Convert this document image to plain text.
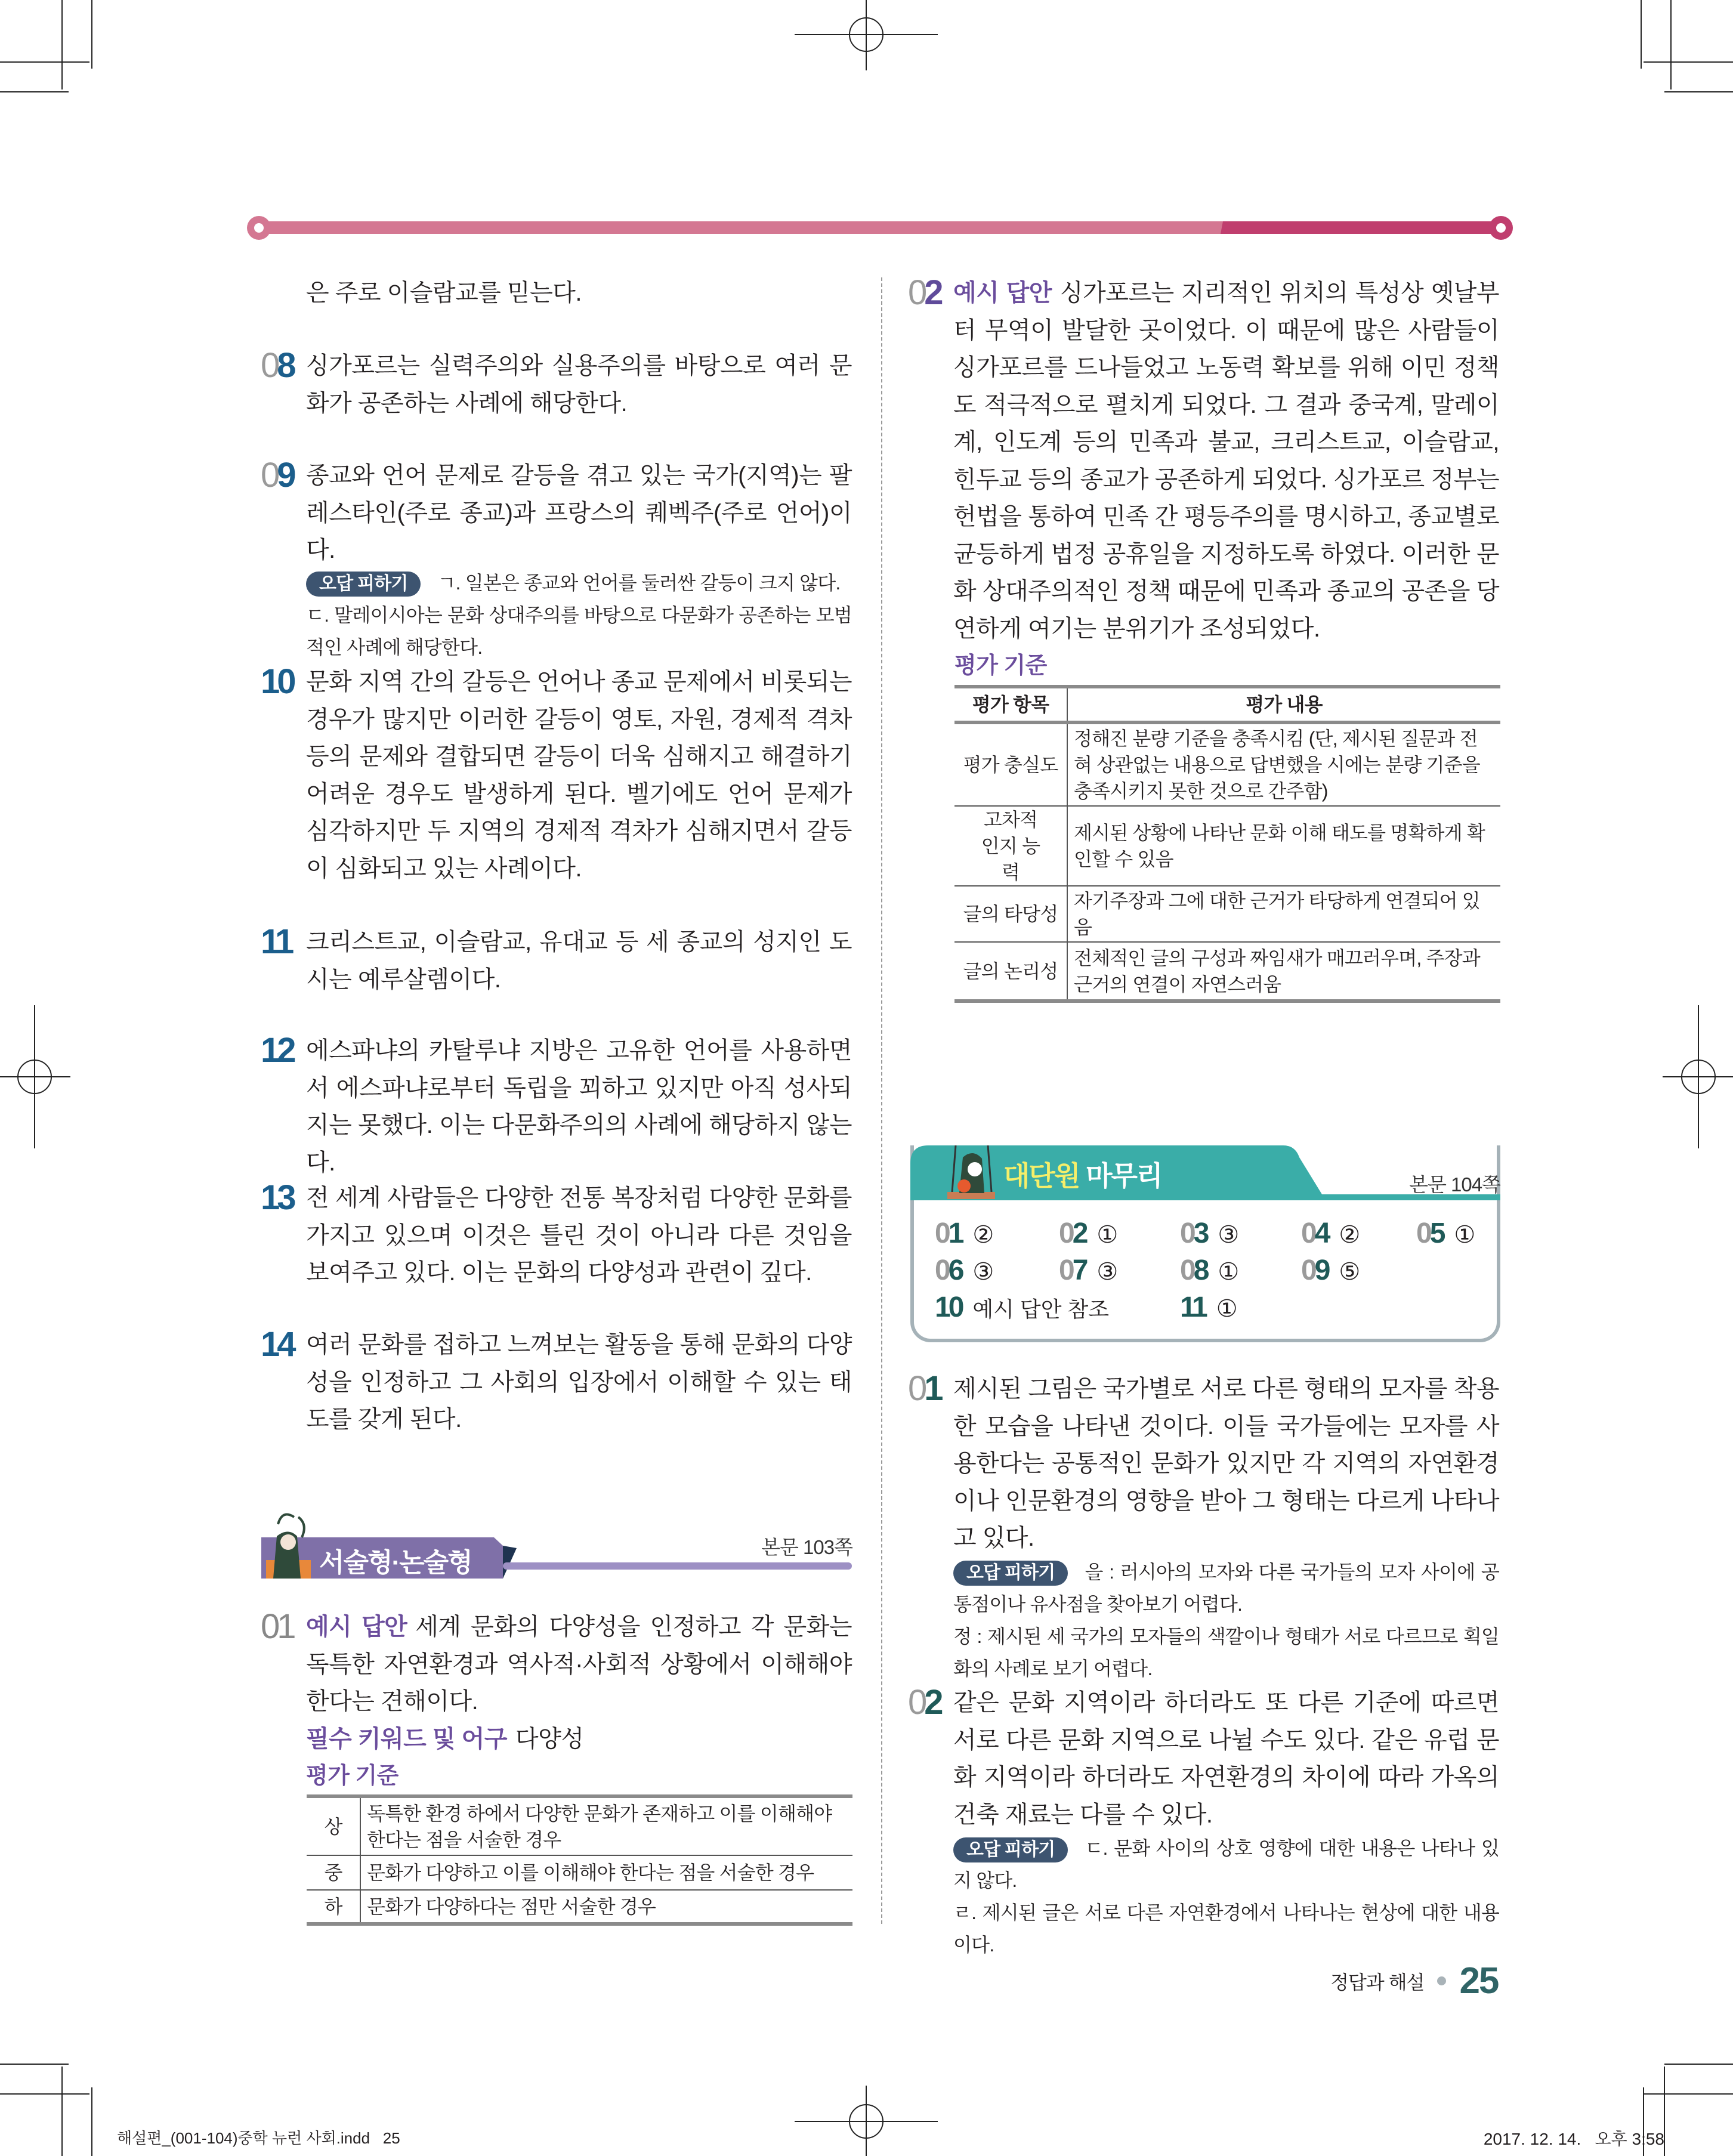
은 주로 이슬람교를 믿는다.
08 싱가포르는 실력주의와 실용주의를 바탕으로 여러 문화가 공존하는 사례에 해당한다.
09 종교와 언어 문제로 갈등을 겪고 있는 국가(지역)는 팔레스타인(주로 종교)과 프랑스의 퀘벡주(주로 언어)이다.
오답 피하기 ㄱ. 일본은 종교와 언어를 둘러싼 갈등이 크지 않다.
ㄷ. 말레이시아는 문화 상대주의를 바탕으로 다문화가 공존하는 모범적인 사례에 해당한다.
10 문화 지역 간의 갈등은 언어나 종교 문제에서 비롯되는 경우가 많지만 이러한 갈등이 영토, 자원, 경제적 격차 등의 문제와 결합되면 갈등이 더욱 심해지고 해결하기 어려운 경우도 발생하게 된다. 벨기에도 언어 문제가 심각하지만 두 지역의 경제적 격차가 심해지면서 갈등이 심화되고 있는 사례이다.
11 크리스트교, 이슬람교, 유대교 등 세 종교의 성지인 도시는 예루살렘이다.
12 에스파냐의 카탈루냐 지방은 고유한 언어를 사용하면서 에스파냐로부터 독립을 꾀하고 있지만 아직 성사되지는 못했다. 이는 다문화주의의 사례에 해당하지 않는다.
13 전 세계 사람들은 다양한 전통 복장처럼 다양한 문화를 가지고 있으며 이것은 틀린 것이 아니라 다른 것임을 보여주고 있다. 이는 문화의 다양성과 관련이 깊다.
14 여러 문화를 접하고 느껴보는 활동을 통해 문화의 다양성을 인정하고 그 사회의 입장에서 이해할 수 있는 태도를 갖게 된다.
서술형·논술형
본문 103쪽
01 예시 답안 세계 문화의 다양성을 인정하고 각 문화는 독특한 자연환경과 역사적·사회적 상황에서 이해해야 한다는 견해이다.
필수 키워드 및 어구 다양성
평가 기준
상	독특한 환경 하에서 다양한 문화가 존재하고 이를 이해해야 한다는 점을 서술한 경우
중	문화가 다양하고 이를 이해해야 한다는 점을 서술한 경우
하	문화가 다양하다는 점만 서술한 경우
02 예시 답안 싱가포르는 지리적인 위치의 특성상 옛날부터 무역이 발달한 곳이었다. 이 때문에 많은 사람들이 싱가포르를 드나들었고 노동력 확보를 위해 이민 정책도 적극적으로 펼치게 되었다. 그 결과 중국계, 말레이계, 인도계 등의 민족과 불교, 크리스트교, 이슬람교, 힌두교 등의 종교가 공존하게 되었다. 싱가포르 정부는 헌법을 통하여 민족 간 평등주의를 명시하고, 종교별로 균등하게 법정 공휴일을 지정하도록 하였다. 이러한 문화 상대주의적인 정책 때문에 민족과 종교의 공존을 당연하게 여기는 분위기가 조성되었다.
평가 기준
평가 항목	평가 내용
평가 충실도	정해진 분량 기준을 충족시킴 (단, 제시된 질문과 전혀 상관없는 내용으로 답변했을 시에는 분량 기준을 충족시키지 못한 것으로 간주함)
고차적 인지 능력	제시된 상황에 나타난 문화 이해 태도를 명확하게 확인할 수 있음
글의 타당성	자기주장과 그에 대한 근거가 타당하게 연결되어 있음
글의 논리성	전체적인 글의 구성과 짜임새가 매끄러우며, 주장과 근거의 연결이 자연스러움
대단원 마무리	본문 104쪽
01 ② 02 ① 03 ③ 04 ② 05 ①
06 ③ 07 ③ 08 ① 09 ⑤
10 예시 답안 참조 11 ①
01 제시된 그림은 국가별로 서로 다른 형태의 모자를 착용한 모습을 나타낸 것이다. 이들 국가들에는 모자를 사용한다는 공통적인 문화가 있지만 각 지역의 자연환경이나 인문환경의 영향을 받아 그 형태는 다르게 나타나고 있다.
오답 피하기 을 : 러시아의 모자와 다른 국가들의 모자 사이에 공통점이나 유사점을 찾아보기 어렵다.
정 : 제시된 세 국가의 모자들의 색깔이나 형태가 서로 다르므로 획일화의 사례로 보기 어렵다.
02 같은 문화 지역이라 하더라도 또 다른 기준에 따르면 서로 다른 문화 지역으로 나뉠 수도 있다. 같은 유럽 문화 지역이라 하더라도 자연환경의 차이에 따라 가옥의 건축 재료는 다를 수 있다.
오답 피하기 ㄷ. 문화 사이의 상호 영향에 대한 내용은 나타나 있지 않다.
ㄹ. 제시된 글은 서로 다른 자연환경에서 나타나는 현상에 대한 내용이다.
정답과 해설 25
해설편_(001-104)중학 뉴런 사회.indd   25	2017. 12. 14.   오후 3:58
